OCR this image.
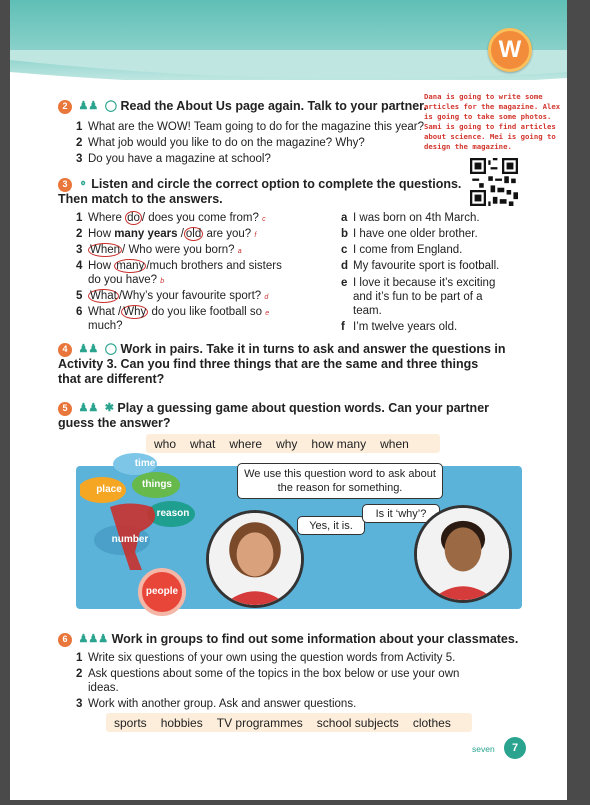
W
2 ♟♟ ◯ Read the About Us page again. Talk to your partner.
1 What are the WOW! Team going to do for the magazine this year?
2 What job would you like to do on the magazine? Why?
3 Do you have a magazine at school?
Dana is going to write some articles for the magazine. Alex is going to take some photos. Sami is going to find articles about science. Mei is going to design the magazine.
3 ⚬ Listen and circle the correct option to complete the questions.
Then match to the answers.
1 Where do / does you come from? c
2 How many years / old are you? f
3 When / Who were you born? a
4 How many /much brothers and sisters
do you have? b
5 What /Why’s your favourite sport? d
6 What / Why do you like football so e
much?
a I was born on 4th March.
b I have one older brother.
c I come from England.
d My favourite sport is football.
e I love it because it’s exciting
and it’s fun to be part of a
team.
f I’m twelve years old.
4 ♟♟ ◯ Work in pairs. Take it in turns to ask and answer the questions in
Activity 3. Can you find three things that are the same and three things
that are different?
5 ♟♟ ✱ Play a guessing game about question words. Can your partner
guess the answer?
who what where why how many when
time
place	things
reason
number
people
We use this question word to ask about the reason for something.
Yes, it is.
Is it ‘why’?
6 ♟♟♟ Work in groups to find out some information about your classmates.
1 Write six questions of your own using the question words from Activity 5.
2 Ask questions about some of the topics in the box below or use your own
ideas.
3 Work with another group. Ask and answer questions.
sports hobbies TV programmes school subjects clothes
seven	7
